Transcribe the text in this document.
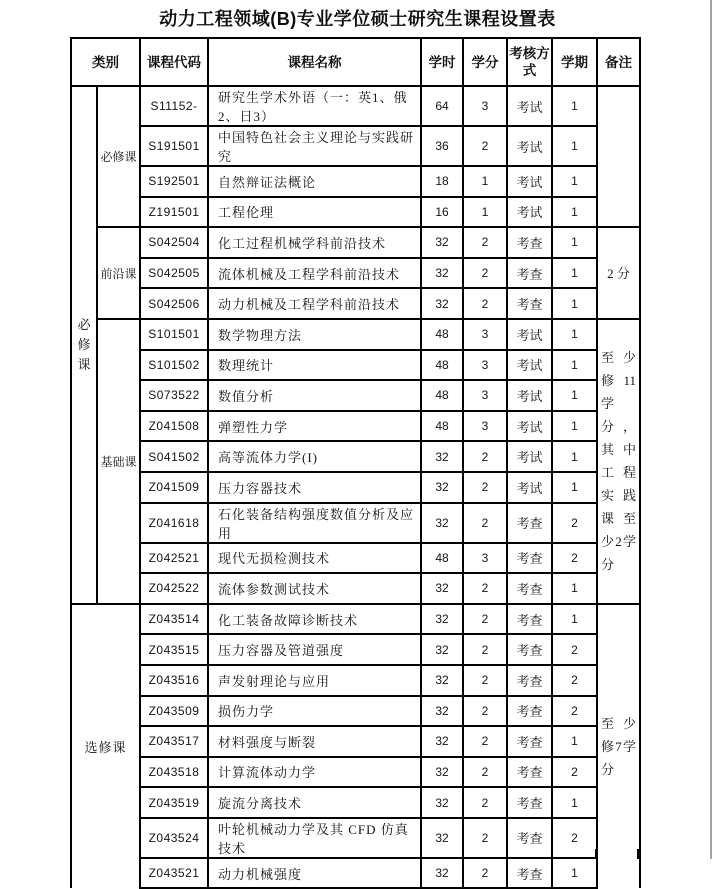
动力工程领域(B)专业学位硕士研究生课程设置表
类别		课程代码	课程名称	学时	学分	考核方式	学期	备注
必修课	必修课	S11152-	研究生学术外语（一：英1、俄2、日3）	64	3	考试	1	
		S191501	中国特色社会主义理论与实践研究	36	2	考试	1	
		S192501	自然辩证法概论	18	1	考试	1	
		Z191501	工程伦理	16	1	考试	1	
	前沿课	S042504	化工过程机械学科前沿技术	32	2	考查	1	2 分
		S042505	流体机械及工程学科前沿技术	32	2	考查	1	
		S042506	动力机械及工程学科前沿技术	32	2	考查	1	
	基础课	S101501	数学物理方法	48	3	考试	1	至少修11学分，其中工程实践课至少2学分
		S101502	数理统计	48	3	考试	1	
		S073522	数值分析	48	3	考试	1	
		Z041508	弹塑性力学	48	3	考试	1	
		S041502	高等流体力学(I)	32	2	考试	1	
		Z041509	压力容器技术	32	2	考试	1	
		Z041618	石化装备结构强度数值分析及应用	32	2	考查	2	
		Z042521	现代无损检测技术	48	3	考查	2	
		Z042522	流体参数测试技术	32	2	考查	1	
选修课		Z043514	化工装备故障诊断技术	32	2	考查	1	至少修7学分
		Z043515	压力容器及管道强度	32	2	考查	2	
		Z043516	声发射理论与应用	32	2	考查	2	
		Z043509	损伤力学	32	2	考查	2	
		Z043517	材料强度与断裂	32	2	考查	1	
		Z043518	计算流体动力学	32	2	考查	2	
		Z043519	旋流分离技术	32	2	考查	1	
		Z043524	叶轮机械动力学及其 CFD 仿真技术	32	2	考查	2	
		Z043521	动力机械强度	32	2	考查	1	
